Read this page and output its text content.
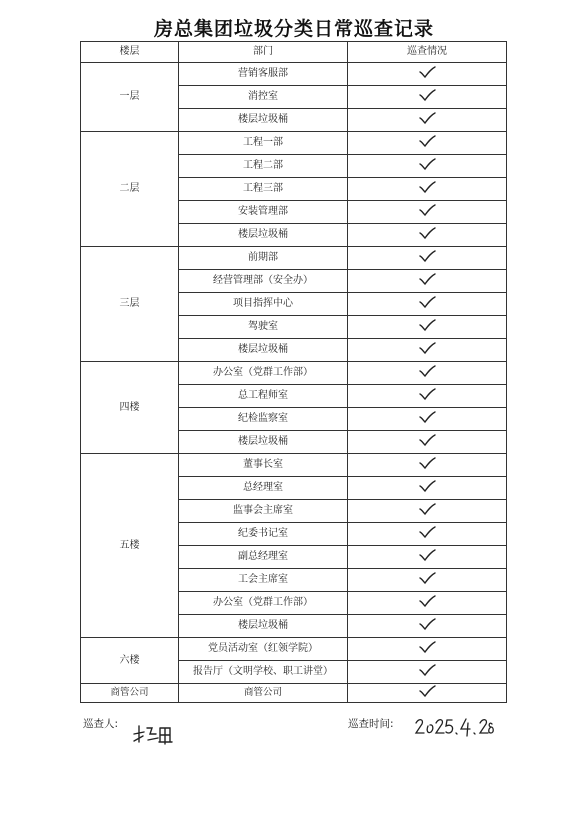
房总集团垃圾分类日常巡查记录
楼层	部门	巡查情况
一层	营销客服部	

	消控室	

	楼层垃圾桶	

二层	工程一部	

	工程二部	

	工程三部	

	安装管理部	

	楼层垃圾桶	

三层	前期部	

	经营管理部（安全办）	

	项目指挥中心	

	驾驶室	

	楼层垃圾桶	

四楼	办公室（党群工作部）	

	总工程师室	

	纪检监察室	

	楼层垃圾桶	

五楼	董事长室	

	总经理室	

	监事会主席室	

	纪委书记室	

	副总经理室	

	工会主席室	

	办公室（党群工作部）	

	楼层垃圾桶	

六楼	党员活动室（红领学院）	

	报告厅（文明学校、职工讲堂）	

商管公司	商管公司	
巡查人:	巡查时间:
